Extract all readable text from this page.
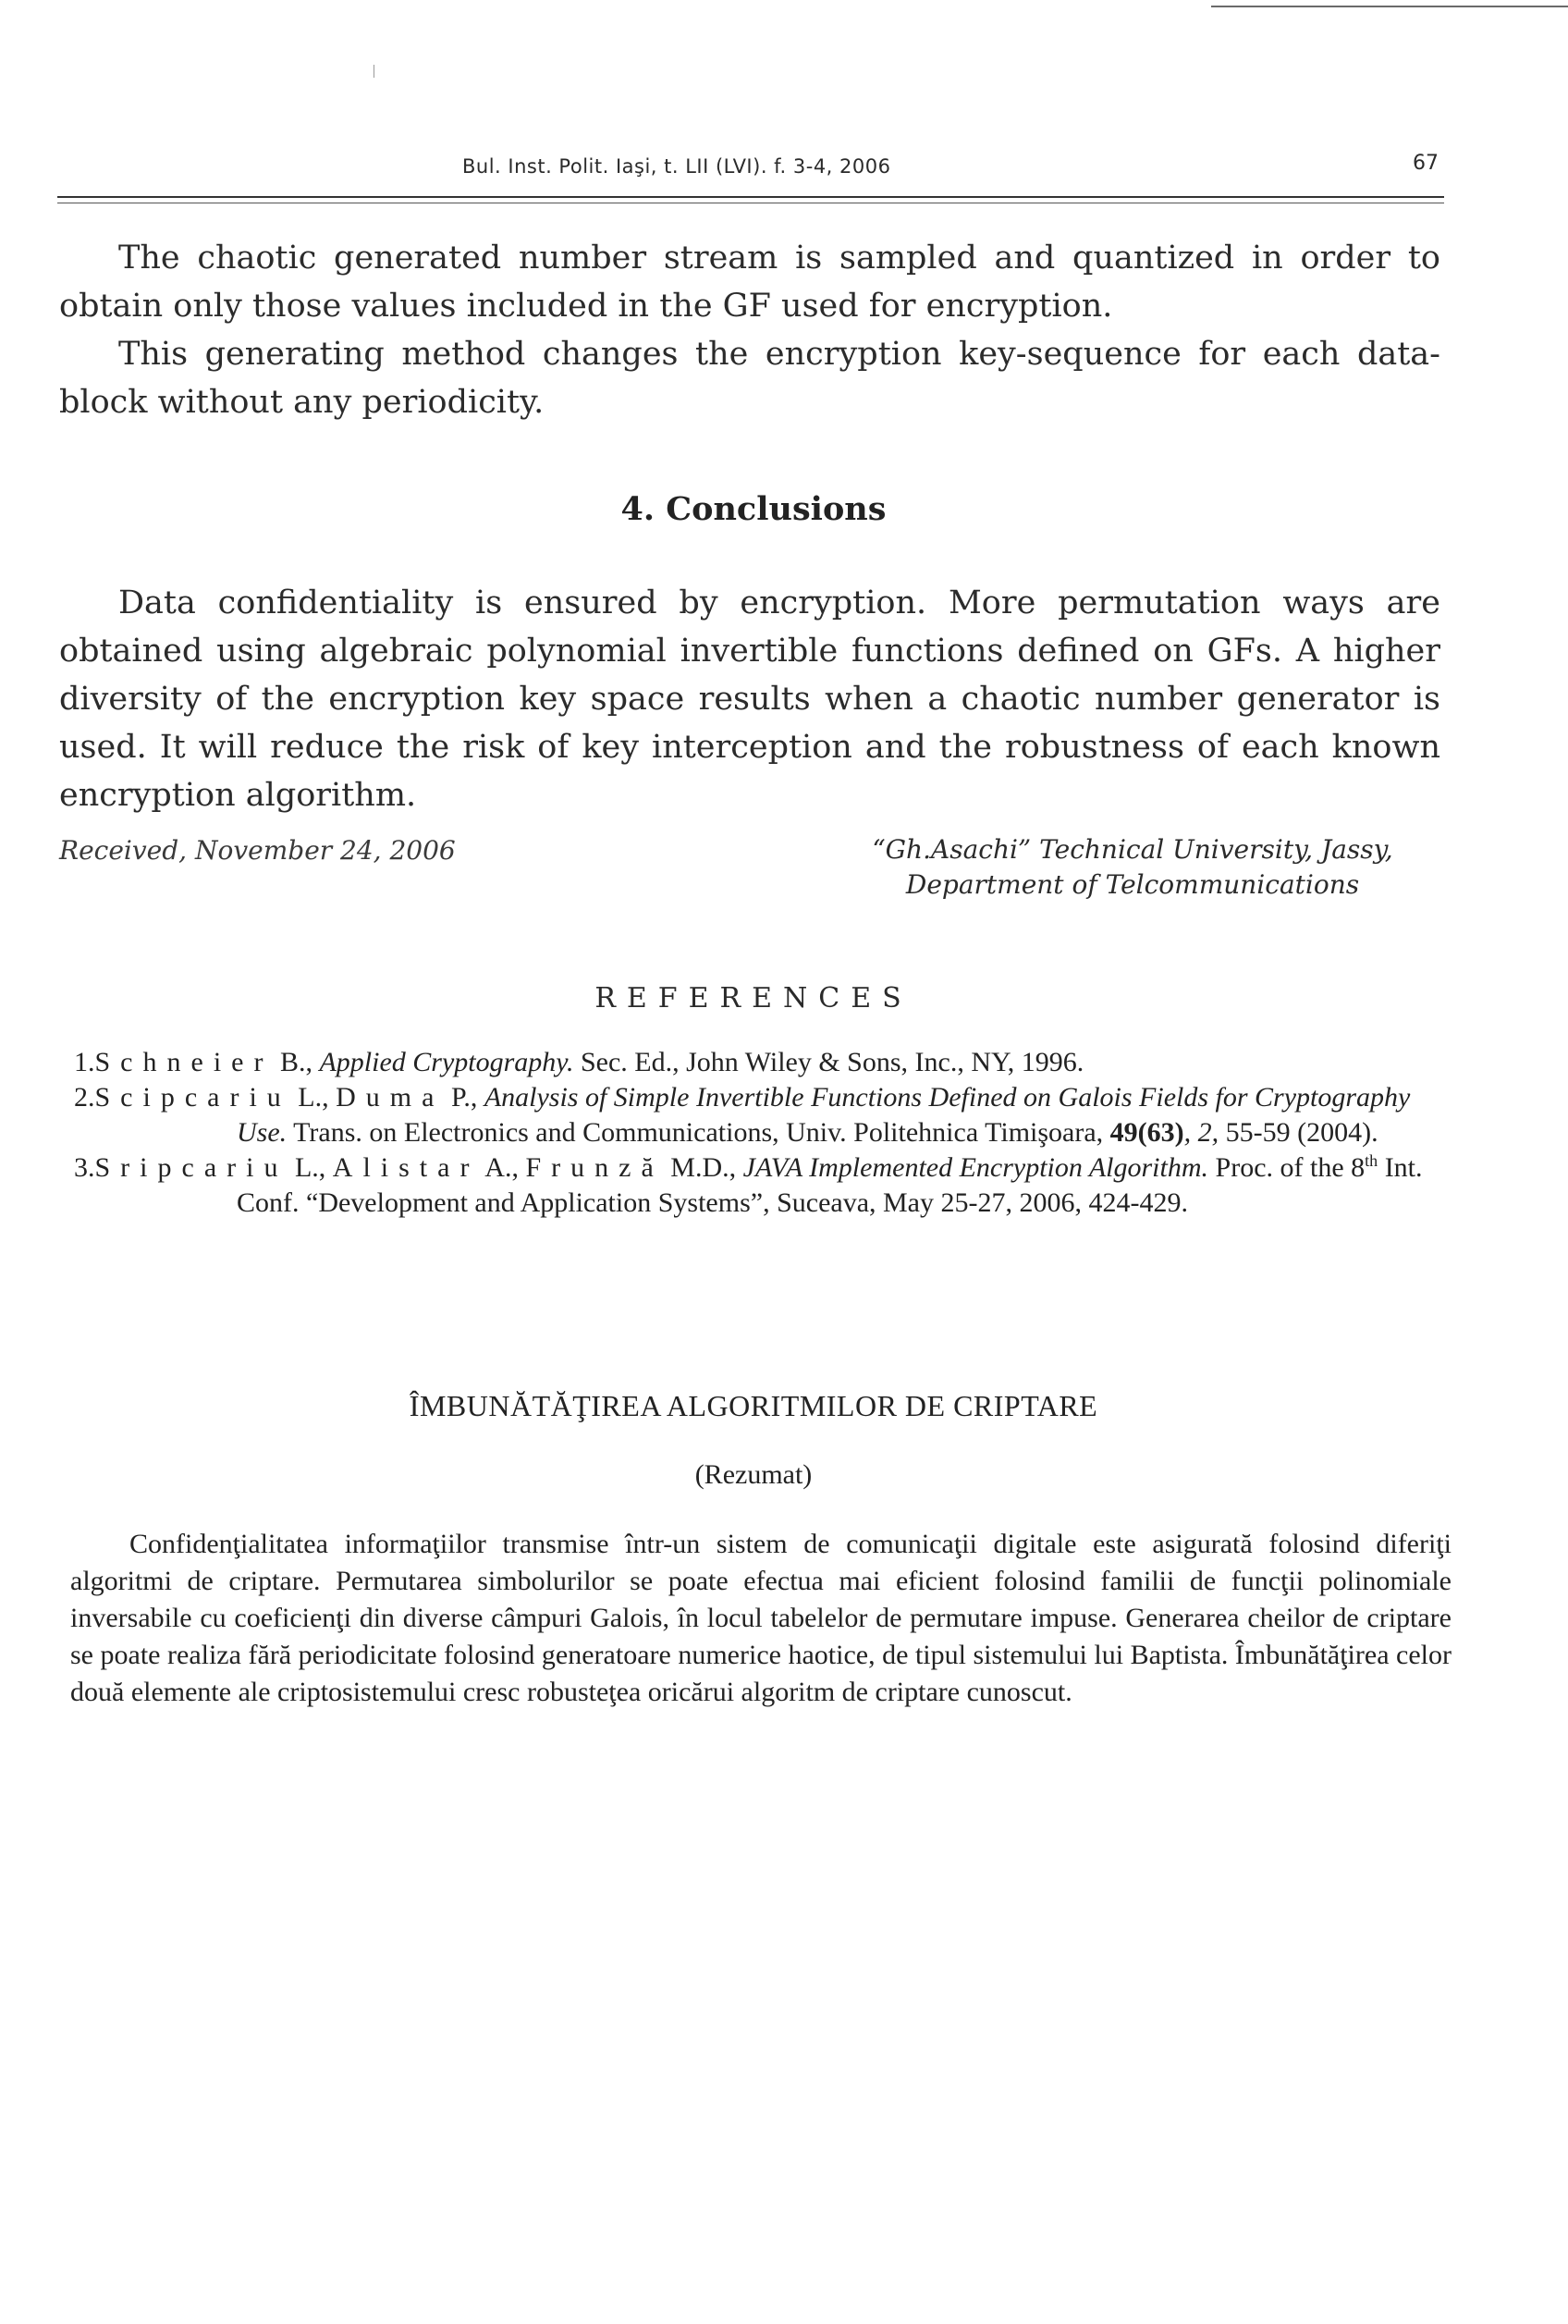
Bul. Inst. Polit. Iaşi, t. LII (LVI). f. 3-4, 2006	67

The chaotic generated number stream is sampled and quantized in order to obtain only those values included in the GF used for encryption.

This generating method changes the encryption key-sequence for each data-block without any periodicity.

4. Conclusions

Data confidentiality is ensured by encryption. More permutation ways are obtained using algebraic polynomial invertible functions defined on GFs. A higher diversity of the encryption key space results when a chaotic number generator is used. It will reduce the risk of key interception and the robustness of each known encryption algorithm.

Received, November 24, 2006	“Gh.Asachi” Technical University, Jassy,
Department of Telcommunications
REFERENCES
1.Schneier B., Applied Cryptography. Sec. Ed., John Wiley & Sons, Inc., NY, 1996.
2.Scipcariu L., Duma P., Analysis of Simple Invertible Functions Defined on Galois Fields for Cryptography Use. Trans. on Electronics and Communications, Univ. Politehnica Timişoara, 49(63), 2, 55-59 (2004).
3.Sripcariu L., Alistar A., Frunză M.D., JAVA Implemented Encryption Algorithm. Proc. of the 8th Int. Conf. “Development and Application Systems”, Suceava, May 25-27, 2006, 424-429.
ÎMBUNĂTĂŢIREA ALGORITMILOR DE CRIPTARE
(Rezumat)

Confidenţialitatea informaţiilor transmise într-un sistem de comunicaţii digitale este asigurată folosind diferiţi algoritmi de criptare. Permutarea simbolurilor se poate efectua mai eficient folosind familii de funcţii polinomiale inversabile cu coeficienţi din diverse câmpuri Galois, în locul tabelelor de permutare impuse. Generarea cheilor de criptare se poate realiza fără periodicitate folosind generatoare numerice haotice, de tipul sistemului lui Baptista. Îmbunătăţirea celor două elemente ale criptosistemului cresc robusteţea oricărui algoritm de criptare cunoscut.
